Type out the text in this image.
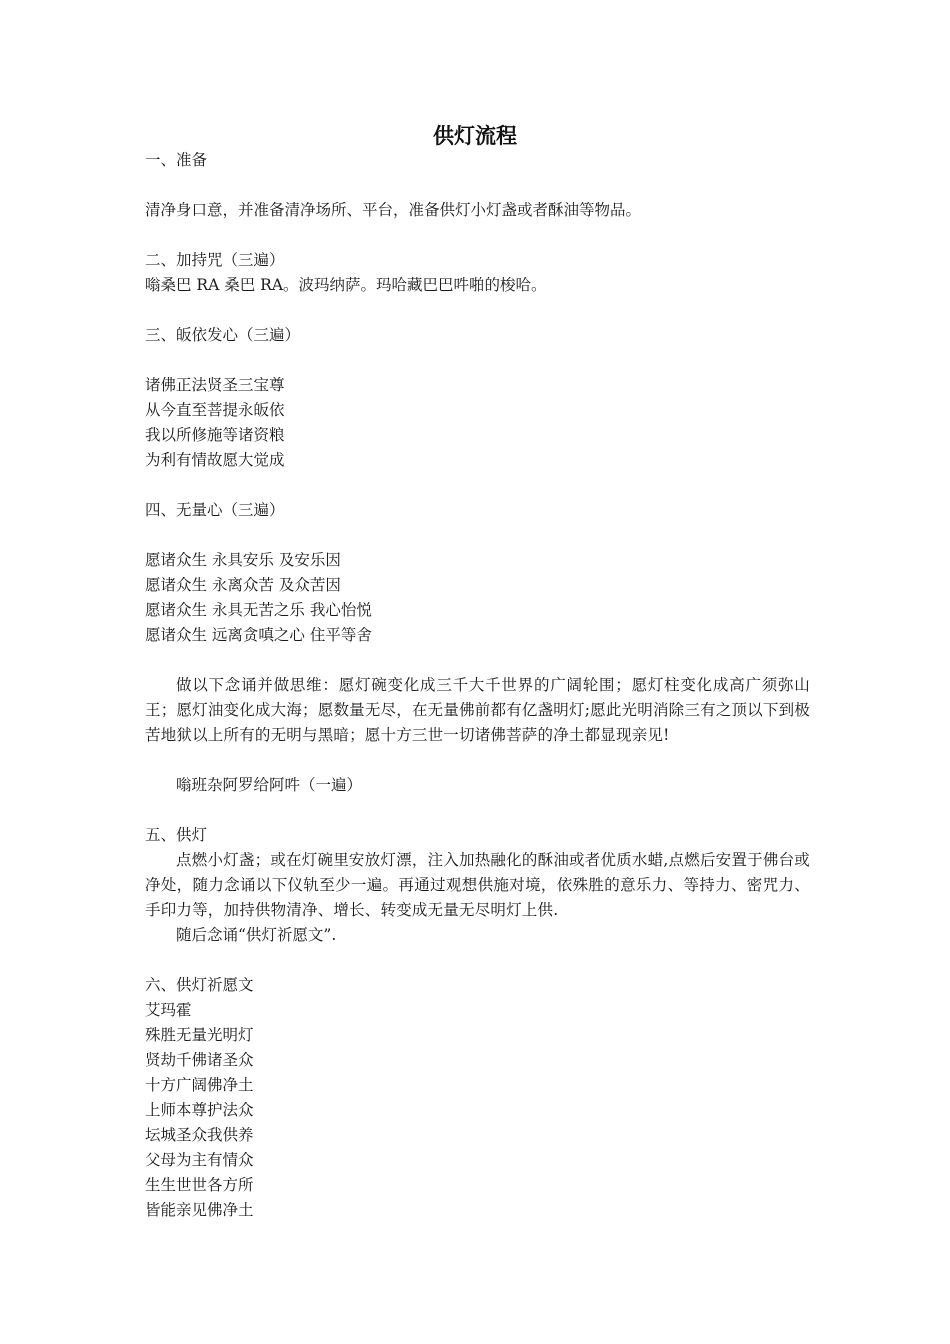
供灯流程

一、准备

清净身口意，并准备清净场所、平台，准备供灯小灯盏或者酥油等物品。

二、加持咒（三遍）

嗡桑巴 RA 桑巴 RA。波玛纳萨。玛哈藏巴巴吽啪的梭哈。

三、皈依发心（三遍）

诸佛正法贤圣三宝尊

从今直至菩提永皈依

我以所修施等诸资粮

为利有情故愿大觉成

四、无量心（三遍）

愿诸众生 永具安乐 及安乐因

愿诸众生 永离众苦 及众苦因

愿诸众生 永具无苦之乐 我心怡悦

愿诸众生 远离贪嗔之心 住平等舍

做以下念诵并做思维：愿灯碗变化成三千大千世界的广阔轮围；愿灯柱变化成高广须弥山王；愿灯油变化成大海；愿数量无尽，在无量佛前都有亿盏明灯;愿此光明消除三有之顶以下到极苦地狱以上所有的无明与黑暗；愿十方三世一切诸佛菩萨的净土都显现亲见!

嗡班杂阿罗给阿吽（一遍）

五、供灯

点燃小灯盏；或在灯碗里安放灯漂，注入加热融化的酥油或者优质水蜡,点燃后安置于佛台或净处，随力念诵以下仪轨至少一遍。再通过观想供施对境，依殊胜的意乐力、等持力、密咒力、手印力等，加持供物清净、增长、转变成无量无尽明灯上供.

随后念诵“供灯祈愿文”.

六、供灯祈愿文

艾玛霍

殊胜无量光明灯

贤劫千佛诸圣众

十方广阔佛净土

上师本尊护法众

坛城圣众我供养

父母为主有情众

生生世世各方所

皆能亲见佛净土
